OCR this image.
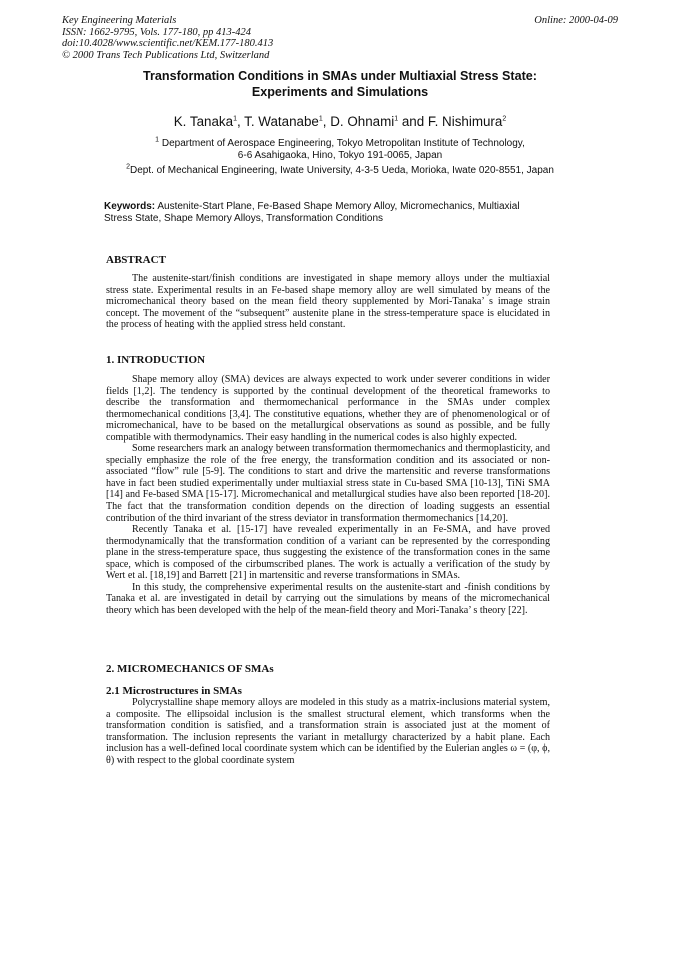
Key Engineering Materials
ISSN: 1662-9795, Vols. 177-180, pp 413-424
doi:10.4028/www.scientific.net/KEM.177-180.413
© 2000 Trans Tech Publications Ltd, Switzerland
Online: 2000-04-09
Transformation Conditions in SMAs under Multiaxial Stress State:
Experiments and Simulations
K. Tanaka$^1$, T. Watanabe$^1$, D. Ohnami$^1$ and F. Nishimura$^2$
$^1$ Department of Aerospace Engineering, Tokyo Metropolitan Institute of Technology,
6-6 Asahigaoka, Hino, Tokyo 191-0065, Japan
$^2$Dept. of Mechanical Engineering, Iwate University, 4-3-5 Ueda, Morioka, Iwate 020-8551, Japan
Keywords: Austenite-Start Plane, Fe-Based Shape Memory Alloy, Micromechanics, Multiaxial Stress State, Shape Memory Alloys, Transformation Conditions
ABSTRACT

The austenite-start/finish conditions are investigated in shape memory alloys under the multiaxial stress state. Experimental results in an Fe-based shape memory alloy are well simulated by means of the micromechanical theory based on the mean field theory supplemented by Mori-Tanaka’ s image strain concept. The movement of the “subsequent” austenite plane in the stress-temperature space is elucidated in the process of heating with the applied stress held constant.

1. INTRODUCTION

Shape memory alloy (SMA) devices are always expected to work under severer conditions in wider fields [1,2]. The tendency is supported by the continual development of the theoretical frameworks to describe the transformation and thermomechanical performance in the SMAs under complex thermomechanical conditions [3,4]. The constitutive equations, whether they are of phenomenological or of micromechanical, have to be based on the metallurgical observations as sound as possible, and be fully compatible with thermodynamics. Their easy handling in the numerical codes is also highly expected.

Some researchers mark an analogy between transformation thermomechanics and thermoplasticity, and specially emphasize the role of the free energy, the transformation condition and its associated or non-associated “flow” rule [5-9]. The conditions to start and drive the martensitic and reverse transformations have in fact been studied experimentally under multiaxial stress state in Cu-based SMA [10-13], TiNi SMA [14] and Fe-based SMA [15-17]. Micromechanical and metallurgical studies have also been reported [18-20]. The fact that the transformation condition depends on the direction of loading suggests an essential contribution of the third invariant of the stress deviator in transformation thermomechanics [14,20].

Recently Tanaka et al. [15-17] have revealed experimentally in an Fe-SMA, and have proved thermodynamically that the transformation condition of a variant can be represented by the corresponding plane in the stress-temperature space, thus suggesting the existence of the transformation cones in the same space, which is composed of the cirbumscribed planes. The work is actually a verification of the study by Wert et al. [18,19] and Barrett [21] in martensitic and reverse transformations in SMAs.

In this study, the comprehensive experimental results on the austenite-start and -finish conditions by Tanaka et al. are investigated in detail by carrying out the simulations by means of the micromechanical theory which has been developed with the help of the mean-field theory and Mori-Tanaka’ s theory [22].

2. MICROMECHANICS OF SMAs
2.1 Microstructures in SMAs

Polycrystalline shape memory alloys are modeled in this study as a matrix-inclusions material system, a composite. The ellipsoidal inclusion is the smallest structural element, which transforms when the transformation condition is satisfied, and a transformation strain is associated just at the moment of transformation. The inclusion represents the variant in metallurgy characterized by a habit plane. Each inclusion has a well-defined local coordinate system which can be identified by the Eulerian angles ω = (φ, ϕ, θ) with respect to the global coordinate system
